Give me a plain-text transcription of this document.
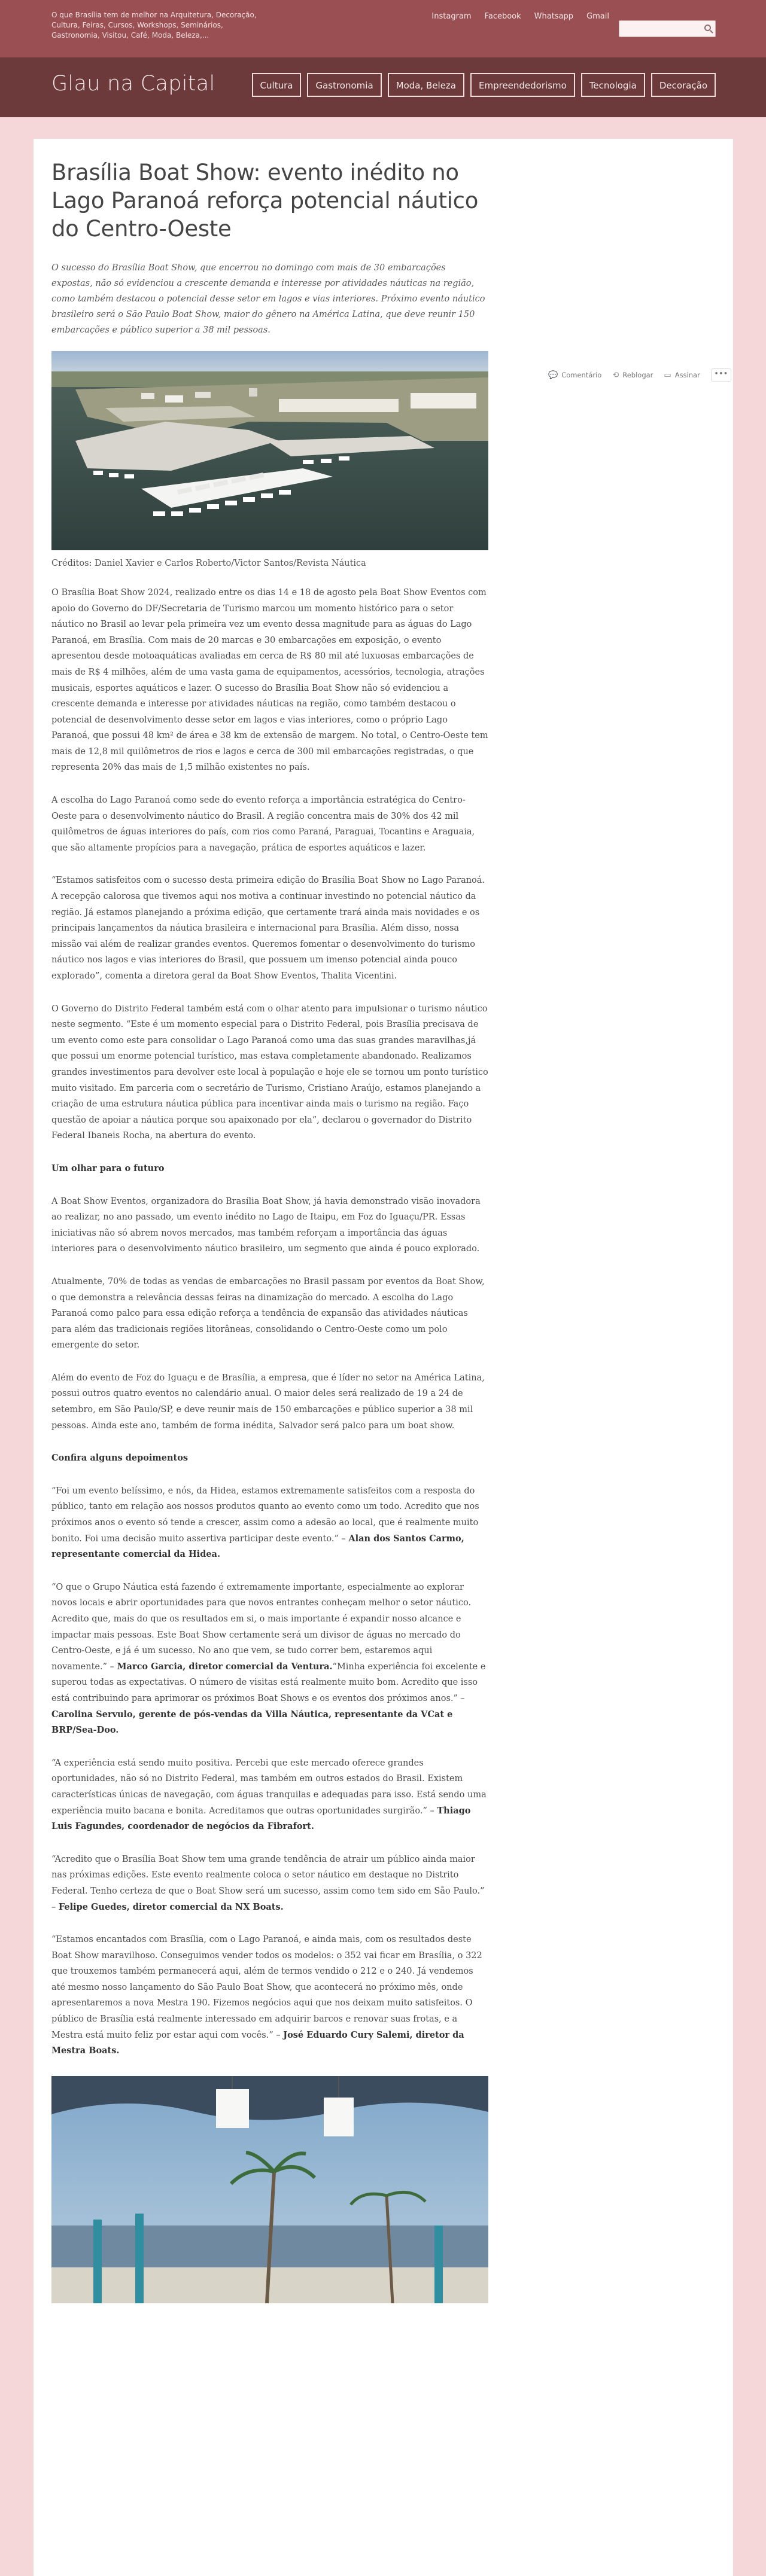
O que Brasília tem de melhor na Arquitetura, Decoração, Cultura, Feiras, Cursos, Workshops, Seminários, Gastronomia, Visitou, Café, Moda, Beleza,...
Instagram Facebook Whatsapp Gmail
Glau na Capital	Cultura	Gastronomia	Moda, Beleza	Empreendedorismo	Tecnologia	Decoração
Brasília Boat Show: evento inédito no Lago Paranoá reforça potencial náutico do Centro-Oeste
O sucesso do Brasília Boat Show, que encerrou no domingo com mais de 30 embarcações expostas, não só evidenciou a crescente demanda e interesse por atividades náuticas na região, como também destacou o potencial desse setor em lagos e vias interiores. Próximo evento náutico brasileiro será o São Paulo Boat Show, maior do gênero na América Latina, que deve reunir 150 embarcações e público superior a 38 mil pessoas.
Créditos: Daniel Xavier e Carlos Roberto/Victor Santos/Revista Náutica

O Brasília Boat Show 2024, realizado entre os dias 14 e 18 de agosto pela Boat Show Eventos com apoio do Governo do DF/Secretaria de Turismo marcou um momento histórico para o setor náutico no Brasil ao levar pela primeira vez um evento dessa magnitude para as águas do Lago Paranoá, em Brasília. Com mais de 20 marcas e 30 embarcações em exposição, o evento apresentou desde motoaquáticas avaliadas em cerca de R$ 80 mil até luxuosas embarcações de mais de R$ 4 milhões, além de uma vasta gama de equipamentos, acessórios, tecnologia, atrações musicais, esportes aquáticos e lazer. O sucesso do Brasília Boat Show não só evidenciou a crescente demanda e interesse por atividades náuticas na região, como também destacou o potencial de desenvolvimento desse setor em lagos e vias interiores, como o próprio Lago Paranoá, que possui 48 km² de área e 38 km de extensão de margem. No total, o Centro-Oeste tem mais de 12,8 mil quilômetros de rios e lagos e cerca de 300 mil embarcações registradas, o que representa 20% das mais de 1,5 milhão existentes no país.

A escolha do Lago Paranoá como sede do evento reforça a importância estratégica do Centro-Oeste para o desenvolvimento náutico do Brasil. A região concentra mais de 30% dos 42 mil quilômetros de águas interiores do país, com rios como Paraná, Paraguai, Tocantins e Araguaia, que são altamente propícios para a navegação, prática de esportes aquáticos e lazer.

“Estamos satisfeitos com o sucesso desta primeira edição do Brasília Boat Show no Lago Paranoá. A recepção calorosa que tivemos aqui nos motiva a continuar investindo no potencial náutico da região. Já estamos planejando a próxima edição, que certamente trará ainda mais novidades e os principais lançamentos da náutica brasileira e internacional para Brasília. Além disso, nossa missão vai além de realizar grandes eventos. Queremos fomentar o desenvolvimento do turismo náutico nos lagos e vias interiores do Brasil, que possuem um imenso potencial ainda pouco explorado”, comenta a diretora geral da Boat Show Eventos, Thalita Vicentini.

O Governo do Distrito Federal também está com o olhar atento para impulsionar o turismo náutico neste segmento. “Este é um momento especial para o Distrito Federal, pois Brasília precisava de um evento como este para consolidar o Lago Paranoá como uma das suas grandes maravilhas,já que possui um enorme potencial turístico, mas estava completamente abandonado. Realizamos grandes investimentos para devolver este local à população e hoje ele se tornou um ponto turístico muito visitado. Em parceria com o secretário de Turismo, Cristiano Araújo, estamos planejando a criação de uma estrutura náutica pública para incentivar ainda mais o turismo na região. Faço questão de apoiar a náutica porque sou apaixonado por ela”, declarou o governador do Distrito Federal Ibaneis Rocha, na abertura do evento.

Um olhar para o futuro

A Boat Show Eventos, organizadora do Brasília Boat Show, já havia demonstrado visão inovadora ao realizar, no ano passado, um evento inédito no Lago de Itaipu, em Foz do Iguaçu/PR. Essas iniciativas não só abrem novos mercados, mas também reforçam a importância das águas interiores para o desenvolvimento náutico brasileiro, um segmento que ainda é pouco explorado.

Atualmente, 70% de todas as vendas de embarcações no Brasil passam por eventos da Boat Show, o que demonstra a relevância dessas feiras na dinamização do mercado. A escolha do Lago Paranoá como palco para essa edição reforça a tendência de expansão das atividades náuticas para além das tradicionais regiões litorâneas, consolidando o Centro-Oeste como um polo emergente do setor.

Além do evento de Foz do Iguaçu e de Brasília, a empresa, que é líder no setor na América Latina, possui outros quatro eventos no calendário anual. O maior deles será realizado de 19 a 24 de setembro, em São Paulo/SP, e deve reunir mais de 150 embarcações e público superior a 38 mil pessoas. Ainda este ano, também de forma inédita, Salvador será palco para um boat show.

Confira alguns depoimentos

“Foi um evento belíssimo, e nós, da Hidea, estamos extremamente satisfeitos com a resposta do público, tanto em relação aos nossos produtos quanto ao evento como um todo. Acredito que nos próximos anos o evento só tende a crescer, assim como a adesão ao local, que é realmente muito bonito. Foi uma decisão muito assertiva participar deste evento.” – Alan dos Santos Carmo, representante comercial da Hidea.

“O que o Grupo Náutica está fazendo é extremamente importante, especialmente ao explorar novos locais e abrir oportunidades para que novos entrantes conheçam melhor o setor náutico. Acredito que, mais do que os resultados em si, o mais importante é expandir nosso alcance e impactar mais pessoas. Este Boat Show certamente será um divisor de águas no mercado do Centro-Oeste, e já é um sucesso. No ano que vem, se tudo correr bem, estaremos aqui novamente.” – Marco Garcia, diretor comercial da Ventura.“Minha experiência foi excelente e superou todas as expectativas. O número de visitas está realmente muito bom. Acredito que isso está contribuindo para aprimorar os próximos Boat Shows e os eventos dos próximos anos.” – Carolina Servulo, gerente de pós-vendas da Villa Náutica, representante da VCat e BRP/Sea-Doo.

“A experiência está sendo muito positiva. Percebi que este mercado oferece grandes oportunidades, não só no Distrito Federal, mas também em outros estados do Brasil. Existem características únicas de navegação, com águas tranquilas e adequadas para isso. Está sendo uma experiência muito bacana e bonita. Acreditamos que outras oportunidades surgirão.” – Thiago Luis Fagundes, coordenador de negócios da Fibrafort.

“Acredito que o Brasília Boat Show tem uma grande tendência de atrair um público ainda maior nas próximas edições. Este evento realmente coloca o setor náutico em destaque no Distrito Federal. Tenho certeza de que o Boat Show será um sucesso, assim como tem sido em São Paulo.” – Felipe Guedes, diretor comercial da NX Boats.

“Estamos encantados com Brasília, com o Lago Paranoá, e ainda mais, com os resultados deste Boat Show maravilhoso. Conseguimos vender todos os modelos: o 352 vai ficar em Brasília, o 322 que trouxemos também permanecerá aqui, além de termos vendido o 212 e o 240. Já vendemos até mesmo nosso lançamento do São Paulo Boat Show, que acontecerá no próximo mês, onde apresentaremos a nova Mestra 190. Fizemos negócios aqui que nos deixam muito satisfeitos. O público de Brasília está realmente interessado em adquirir barcos e renovar suas frotas, e a Mestra está muito feliz por estar aqui com vocês.” – José Eduardo Cury Salemi, diretor da Mestra Boats.

💬 Comentário ⟲ Reblogar ▭ Assinar	•••
